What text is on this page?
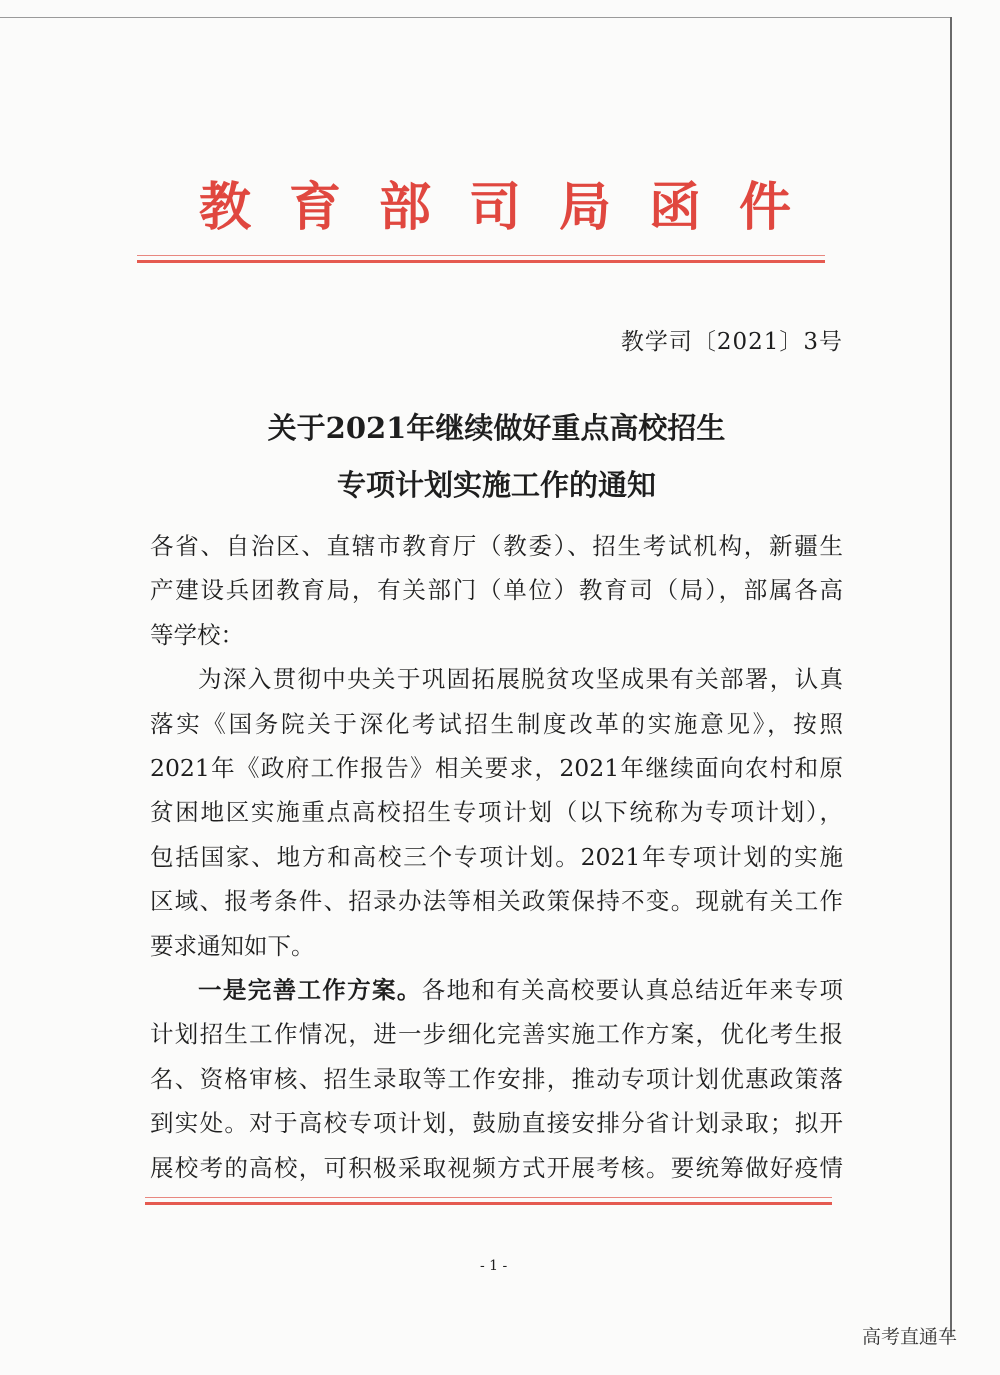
教育部司局函件
教学司〔2021〕3号
关于2021年继续做好重点高校招生
专项计划实施工作的通知
各省、自治区、直辖市教育厅（教委）、招生考试机构，新疆生
产建设兵团教育局，有关部门（单位）教育司（局），部属各高
等学校：
为深入贯彻中央关于巩固拓展脱贫攻坚成果有关部署，认真
落实《国务院关于深化考试招生制度改革的实施意见》，按照
2021年《政府工作报告》相关要求，2021年继续面向农村和原
贫困地区实施重点高校招生专项计划（以下统称为专项计划），
包括国家、地方和高校三个专项计划。2021年专项计划的实施
区域、报考条件、招录办法等相关政策保持不变。现就有关工作
要求通知如下。
一是完善工作方案。各地和有关高校要认真总结近年来专项
计划招生工作情况，进一步细化完善实施工作方案，优化考生报
名、资格审核、招生录取等工作安排，推动专项计划优惠政策落
到实处。对于高校专项计划，鼓励直接安排分省计划录取；拟开
展校考的高校，可积极采取视频方式开展考核。要统筹做好疫情
- 1 -
高考直通车
